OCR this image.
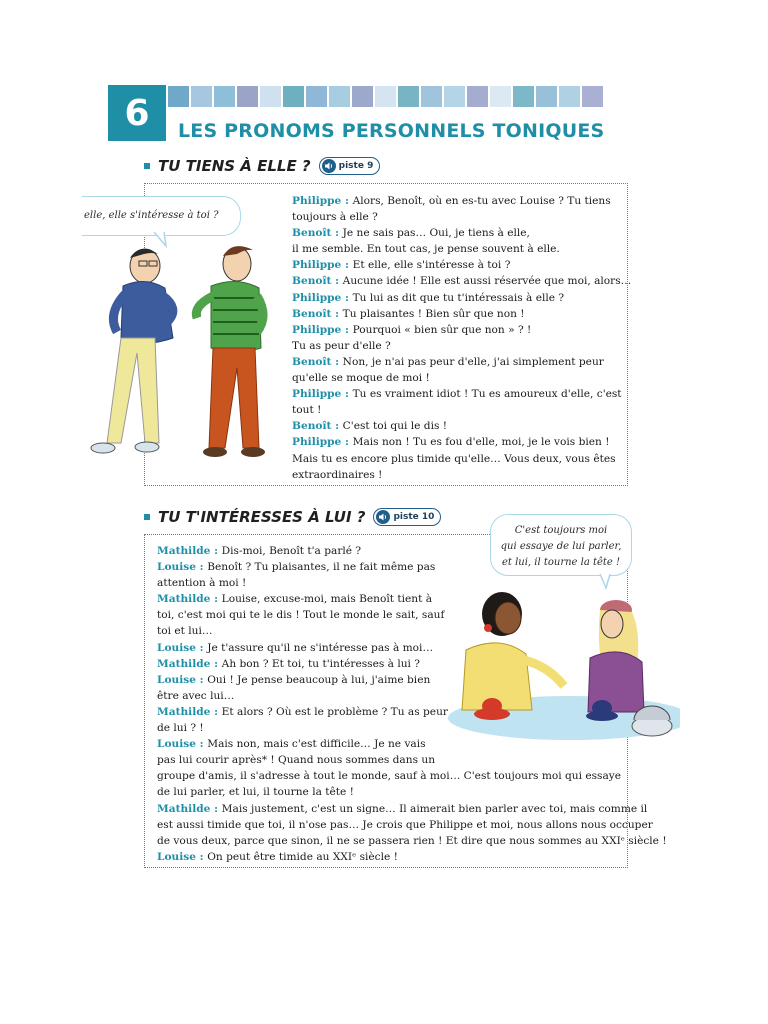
6	LES PRONOMS PERSONNELS TONIQUES
TU TIENS À ELLE ?	piste 9
elle, elle s'intéresse à toi ?
Philippe : Alors, Benoît, où en es-tu avec Louise ? Tu tiens
toujours à elle ?
Benoît : Je ne sais pas… Oui, je tiens à elle,
il me semble. En tout cas, je pense souvent à elle.
Philippe : Et elle, elle s'intéresse à toi ?
Benoît : Aucune idée ! Elle est aussi réservée que moi, alors…
Philippe : Tu lui as dit que tu t'intéressais à elle ?
Benoît : Tu plaisantes ! Bien sûr que non !
Philippe : Pourquoi « bien sûr que non » ? !
Tu as peur d'elle ?
Benoît : Non, je n'ai pas peur d'elle, j'ai simplement peur
qu'elle se moque de moi !
Philippe : Tu es vraiment idiot ! Tu es amoureux d'elle, c'est
tout !
Benoît : C'est toi qui le dis !
Philippe : Mais non ! Tu es fou d'elle, moi, je le vois bien !
Mais tu es encore plus timide qu'elle… Vous deux, vous êtes
extraordinaires !
TU T'INTÉRESSES À LUI ?	piste 10
C'est toujours moi
qui essaye de lui parler,
et lui, il tourne la tête !
Mathilde : Dis-moi, Benoît t'a parlé ?
Louise : Benoît ? Tu plaisantes, il ne fait même pas
attention à moi !
Mathilde : Louise, excuse-moi, mais Benoît tient à
toi, c'est moi qui te le dis ! Tout le monde le sait, sauf
toi et lui…
Louise : Je t'assure qu'il ne s'intéresse pas à moi…
Mathilde : Ah bon ? Et toi, tu t'intéresses à lui ?
Louise : Oui ! Je pense beaucoup à lui, j'aime bien
être avec lui…
Mathilde : Et alors ? Où est le problème ? Tu as peur
de lui ? !
Louise : Mais non, mais c'est difficile… Je ne vais
pas lui courir après* ! Quand nous sommes dans un
groupe d'amis, il s'adresse à tout le monde, sauf à moi… C'est toujours moi qui essaye
de lui parler, et lui, il tourne la tête !
Mathilde : Mais justement, c'est un signe… Il aimerait bien parler avec toi, mais comme il
est aussi timide que toi, il n'ose pas… Je crois que Philippe et moi, nous allons nous occuper
de vous deux, parce que sinon, il ne se passera rien ! Et dire que nous sommes au XXIᵉ siècle !
Louise : On peut être timide au XXIᵉ siècle !
